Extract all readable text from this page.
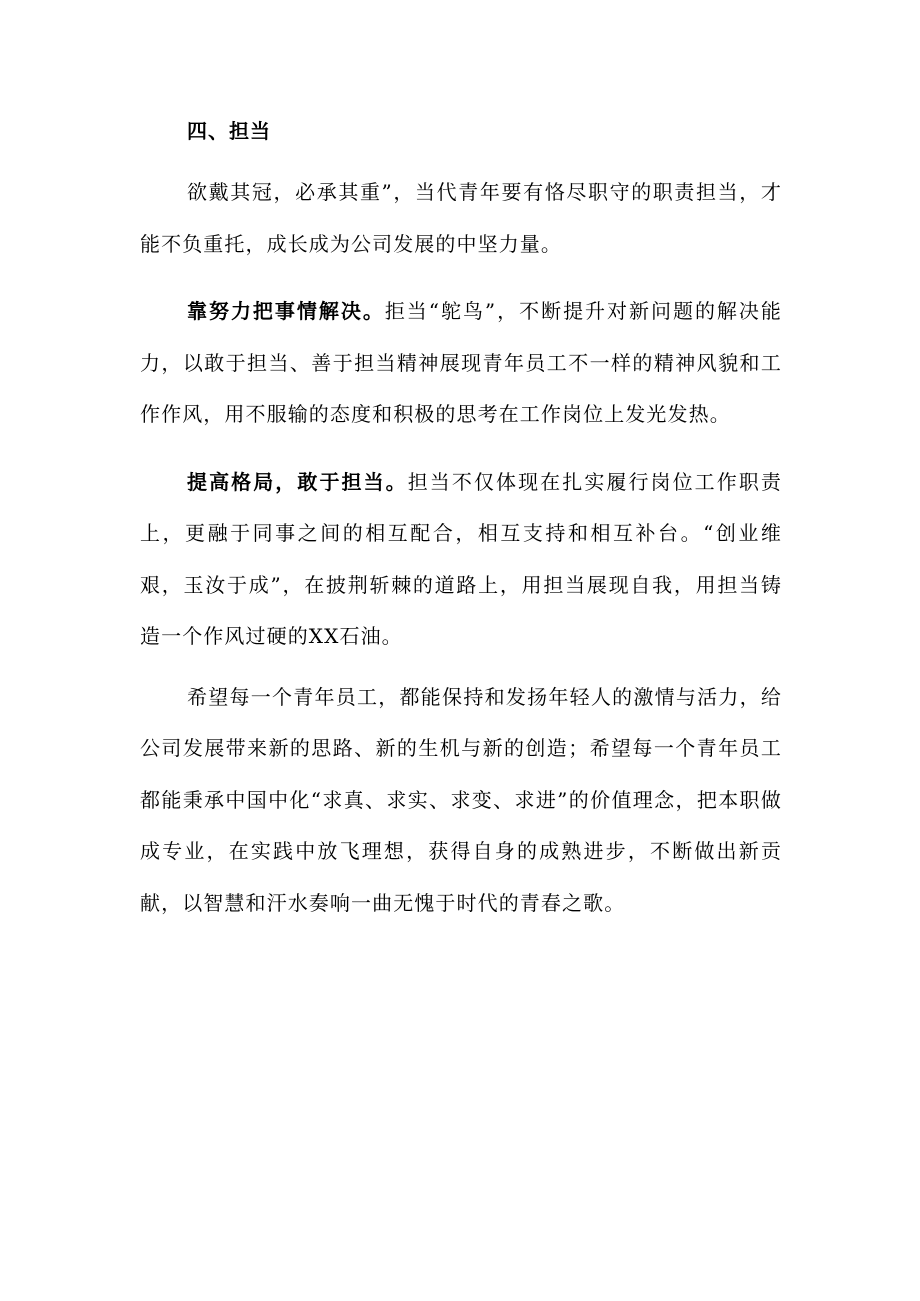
四、担当

欲戴其冠，必承其重”，当代青年要有恪尽职守的职责担当，才能不负重托，成长成为公司发展的中坚力量。

靠努力把事情解决。拒当“鸵鸟”，不断提升对新问题的解决能力，以敢于担当、善于担当精神展现青年员工不一样的精神风貌和工作作风，用不服输的态度和积极的思考在工作岗位上发光发热。

提高格局，敢于担当。担当不仅体现在扎实履行岗位工作职责上，更融于同事之间的相互配合，相互支持和相互补台。“创业维艰，玉汝于成”，在披荆斩棘的道路上，用担当展现自我，用担当铸造一个作风过硬的XX石油。

希望每一个青年员工，都能保持和发扬年轻人的激情与活力，给公司发展带来新的思路、新的生机与新的创造；希望每一个青年员工都能秉承中国中化“求真、求实、求变、求进”的价值理念，把本职做成专业，在实践中放飞理想，获得自身的成熟进步，不断做出新贡献，以智慧和汗水奏响一曲无愧于时代的青春之歌。
